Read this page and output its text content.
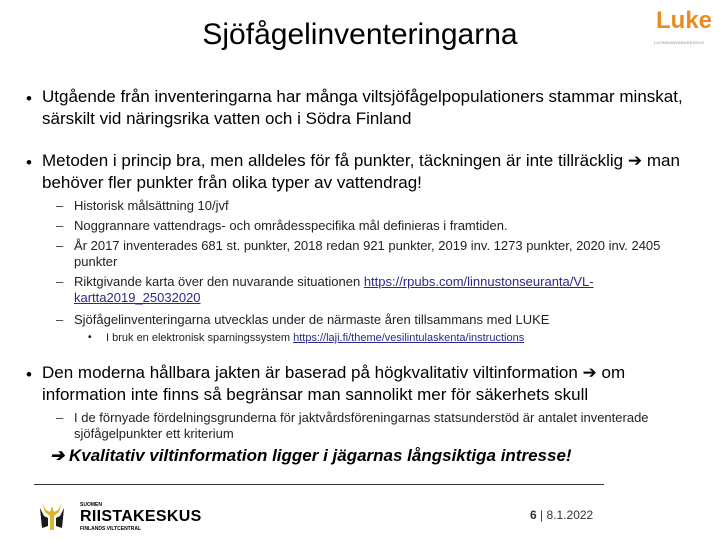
Sjöfågelinventeringarna	Luke
LUONNONVARAKESKUS
• Utgående från inventeringarna har många viltsjöfågelpopulationers stammar minskat, särskilt vid näringsrika vatten och i Södra Finland
• Metoden i princip bra, men alldeles för få punkter, täckningen är inte tillräcklig ➔ man behöver fler punkter från olika typer av vattendrag!
– Historisk målsättning 10/jvf
– Noggrannare vattendrags- och områdesspecifika mål definieras i framtiden.
– År 2017 inventerades 681 st. punkter, 2018 redan 921 punkter, 2019 inv. 1273 punkter, 2020 inv. 2405 punkter
– Riktgivande karta över den nuvarande situationen https://rpubs.com/linnustonseuranta/VL-kartta2019_25032020
– Sjöfågelinventeringarna utvecklas under de närmaste åren tillsammans med LUKE
• I bruk en elektronisk sparningssystem https://laji.fi/theme/vesilintulaskenta/instructions
• Den moderna hållbara jakten är baserad på högkvalitativ viltinformation ➔ om information inte finns så begränsar man sannolikt mer för säkerhets skull
– I de förnyade fördelningsgrunderna för jaktvårdsföreningarnas statsunderstöd är antalet inventerade sjöfågelpunkter ett kriterium
➔ Kvalitativ viltinformation ligger i jägarnas långsiktiga intresse!
SUOMEN
RIISTAKESKUS
FINLANDS VILTCENTRAL
6 | 8.1.2022
